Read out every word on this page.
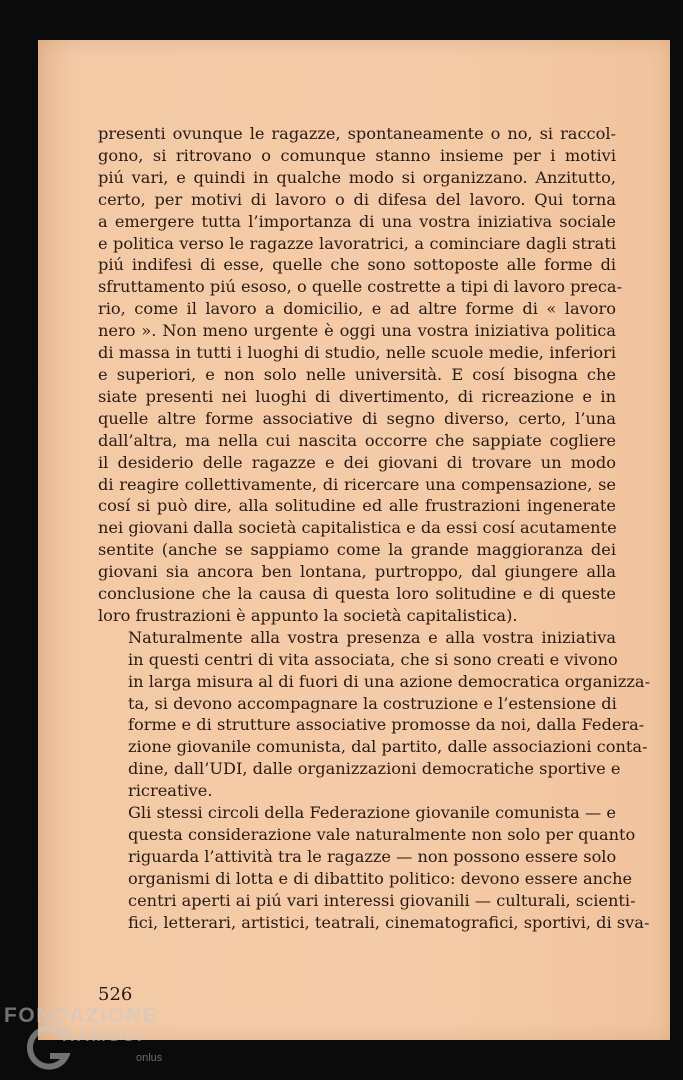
presenti ovunque le ragazze, spontaneamente o no, si raccol-
gono, si ritrovano o comunque stanno insieme per i motivi
piú vari, e quindi in qualche modo si organizzano. Anzitutto,
certo, per motivi di lavoro o di difesa del lavoro. Qui torna
a emergere tutta l’importanza di una vostra iniziativa sociale
e politica verso le ragazze lavoratrici, a cominciare dagli strati
piú indifesi di esse, quelle che sono sottoposte alle forme di
sfruttamento piú esoso, o quelle costrette a tipi di lavoro preca-
rio, come il lavoro a domicilio, e ad altre forme di « lavoro
nero ». Non meno urgente è oggi una vostra iniziativa politica
di massa in tutti i luoghi di studio, nelle scuole medie, inferiori
e superiori, e non solo nelle università. E cosí bisogna che
siate presenti nei luoghi di divertimento, di ricreazione e in
quelle altre forme associative di segno diverso, certo, l’una
dall’altra, ma nella cui nascita occorre che sappiate cogliere
il desiderio delle ragazze e dei giovani di trovare un modo
di reagire collettivamente, di ricercare una compensazione, se
cosí si può dire, alla solitudine ed alle frustrazioni ingenerate
nei giovani dalla società capitalistica e da essi cosí acutamente
sentite (anche se sappiamo come la grande maggioranza dei
giovani sia ancora ben lontana, purtroppo, dal giungere alla
conclusione che la causa di questa loro solitudine e di queste
loro frustrazioni è appunto la società capitalistica).

Naturalmente alla vostra presenza e alla vostra iniziativa
in questi centri di vita associata, che si sono creati e vivono
in larga misura al di fuori di una azione democratica organizza-
ta, si devono accompagnare la costruzione e l’estensione di
forme e di strutture associative promosse da noi, dalla Federa-
zione giovanile comunista, dal partito, dalle associazioni conta-
dine, dall’UDI, dalle organizzazioni democratiche sportive e
ricreative.

Gli stessi circoli della Federazione giovanile comunista — e
questa considerazione vale naturalmente non solo per quanto
riguarda l’attività tra le ragazze — non possono essere solo
organismi di lotta e di dibattito politico: devono essere anche
centri aperti ai piú vari interessi giovanili — culturali, scienti-
fici, letterari, artistici, teatrali, cinematografici, sportivi, di sva-

526
FONDAZIONE
RAMSCI
onlus
